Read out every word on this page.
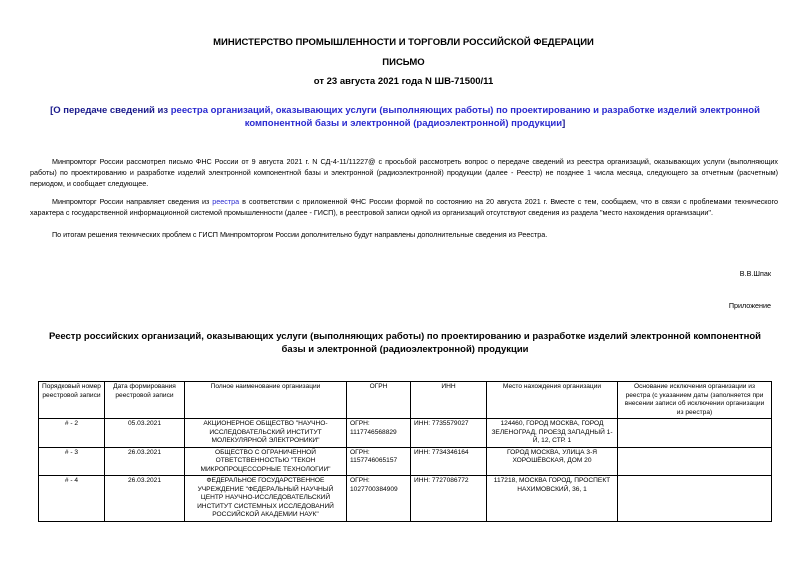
МИНИСТЕРСТВО ПРОМЫШЛЕННОСТИ И ТОРГОВЛИ РОССИЙСКОЙ ФЕДЕРАЦИИ
ПИСЬМО
от 23 августа 2021 года N ШВ-71500/11
[О передаче сведений из реестра организаций, оказывающих услуги (выполняющих работы) по проектированию и разработке изделий электронной компонентной базы и электронной (радиоэлектронной) продукции]
Минпромторг России рассмотрел письмо ФНС России от 9 августа 2021 г. N СД-4-11/11227@ с просьбой рассмотреть вопрос о передаче сведений из реестра организаций, оказывающих услуги (выполняющих работы) по проектированию и разработке изделий электронной компонентной базы и электронной (радиоэлектронной) продукции (далее - Реестр) не позднее 1 числа месяца, следующего за отчетным (расчетным) периодом, и сообщает следующее.
Минпромторг России направляет сведения из реестра в соответствии с приложенной ФНС России формой по состоянию на 20 августа 2021 г. Вместе с тем, сообщаем, что в связи с проблемами технического характера с государственной информационной системой промышленности (далее - ГИСП), в реестровой записи одной из организаций отсутствуют сведения из раздела "место нахождения организации".
По итогам решения технических проблем с ГИСП Минпромторгом России дополнительно будут направлены дополнительные сведения из Реестра.
В.В.Шпак
Приложение
Реестр российских организаций, оказывающих услуги (выполняющих работы) по проектированию и разработке изделий электронной компонентной базы и электронной (радиоэлектронной) продукции
Порядковый номер реестровой записи	Дата формирования реестровой записи	Полное наименование организации	ОГРН	ИНН	Место нахождения организации	Основание исключения организации из реестра (с указанием даты (заполняется при внесении записи об исключении организации из реестра)
# - 2	05.03.2021	АКЦИОНЕРНОЕ ОБЩЕСТВО "НАУЧНО-ИССЛЕДОВАТЕЛЬСКИЙ ИНСТИТУТ МОЛЕКУЛЯРНОЙ ЭЛЕКТРОНИКИ"	ОГРН: 1117746568829	ИНН: 7735579027	124460, ГОРОД МОСКВА, ГОРОД ЗЕЛЕНОГРАД, ПРОЕЗД ЗАПАДНЫЙ 1-Й, 12, СТР. 1	
# - 3	26.03.2021	ОБЩЕСТВО С ОГРАНИЧЕННОЙ ОТВЕТСТВЕННОСТЬЮ "ТЕКОН МИКРОПРОЦЕССОРНЫЕ ТЕХНОЛОГИИ"	ОГРН: 1157746065157	ИНН: 7734346164	ГОРОД МОСКВА, УЛИЦА 3-Я ХОРОШЁВСКАЯ, ДОМ 20	
# - 4	26.03.2021	ФЕДЕРАЛЬНОЕ ГОСУДАРСТВЕННОЕ УЧРЕЖДЕНИЕ "ФЕДЕРАЛЬНЫЙ НАУЧНЫЙ ЦЕНТР НАУЧНО-ИССЛЕДОВАТЕЛЬСКИЙ ИНСТИТУТ СИСТЕМНЫХ ИССЛЕДОВАНИЙ РОССИЙСКОЙ АКАДЕМИИ НАУК"	ОГРН: 1027700384909	ИНН: 7727086772	117218, МОСКВА ГОРОД, ПРОСПЕКТ НАХИМОВСКИЙ, 36, 1	
